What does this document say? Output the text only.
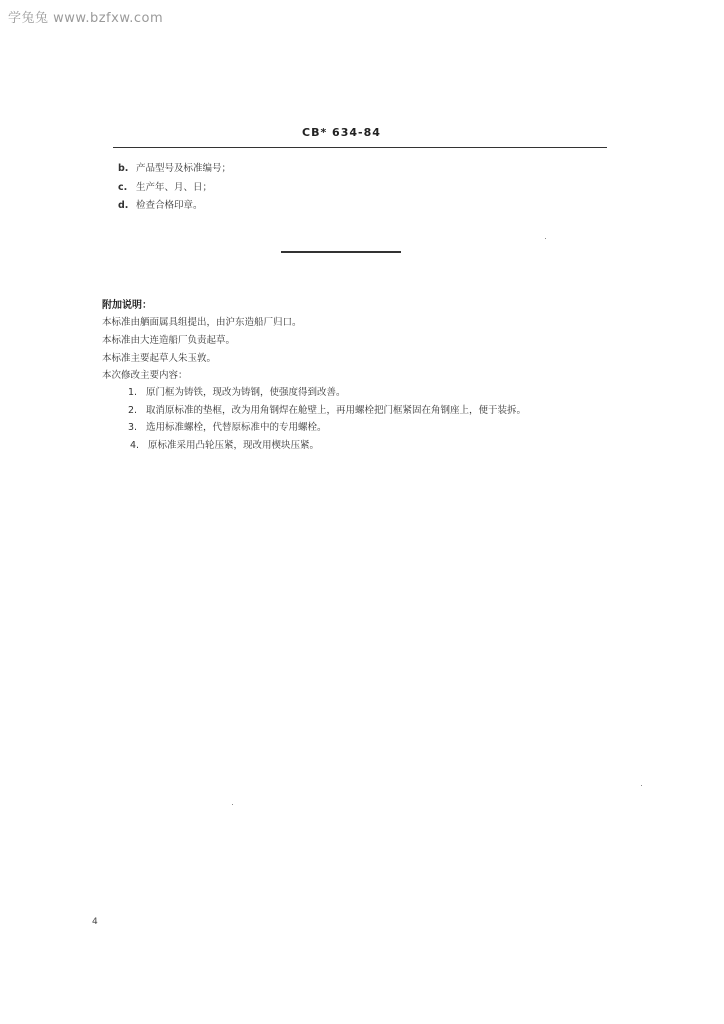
学兔兔 www.bzfxw.com
CB* 634-84
b. 产品型号及标准编号；
c. 生产年、月、日；
d. 检查合格印章。
附加说明：
本标准由舾面属具组提出，由沪东造船厂归口。
本标准由大连造船厂负责起草。
本标准主要起草人朱玉敦。
本次修改主要内容：
1. 原门框为铸铁，现改为铸钢，使强度得到改善。
2. 取消原标准的垫框，改为用角钢焊在舱壁上，再用螺栓把门框紧固在角钢座上，便于装拆。
3. 选用标准螺栓，代替原标准中的专用螺栓。
4. 原标准采用凸轮压紧，现改用楔块压紧。
4
